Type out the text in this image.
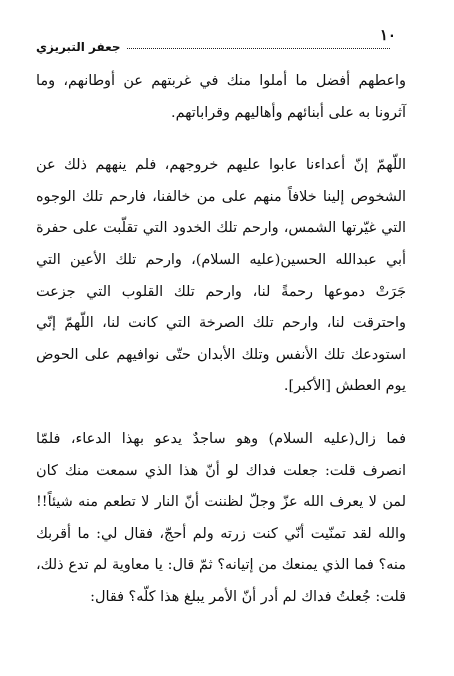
جعفر التبريزي
١٠

واعطهم أفضل ما أملوا منك في غربتهم عن أوطانهم، وما آثرونا به على أبنائهم وأهاليهم وقراباتهم.

اللّهمّ إنّ أعداءنا عابوا عليهم خروجهم، فلم ينههم ذلك عن الشخوص إلينا خلافاً منهم على من خالفنا، فارحم تلك الوجوه التي غيّرتها الشمس، وارحم تلك الخدود التي تقلّبت على حفرة أبي عبدالله الحسين(عليه السلام)، وارحم تلك الأعين التي جَرَتْ دموعها رحمةً لنا، وارحم تلك القلوب التي جزعت واحترقت لنا، وارحم تلك الصرخة التي كانت لنا، اللّهمّ إنّي استودعك تلك الأنفس وتلك الأبدان حتّى نوافيهم على الحوض يوم العطش [الأكبر].

فما زال(عليه السلام) وهو ساجدٌ يدعو بهذا الدعاء، فلمّا انصرف قلت: جعلت فداك لو أنّ هذا الذي سمعت منك كان لمن لا يعرف الله عزّ وجلّ لظننت أنّ النار لا تطعم منه شيئاً!! والله لقد تمنّيت أنّي كنت زرته ولم أحجّ، فقال لي: ما أقربك منه؟ فما الذي يمنعك من إتيانه؟ ثمّ قال: يا معاوية لم تدع ذلك، قلت: جُعلتُ فداك لم أدر أنّ الأمر يبلغ هذا كلّه؟ فقال:
